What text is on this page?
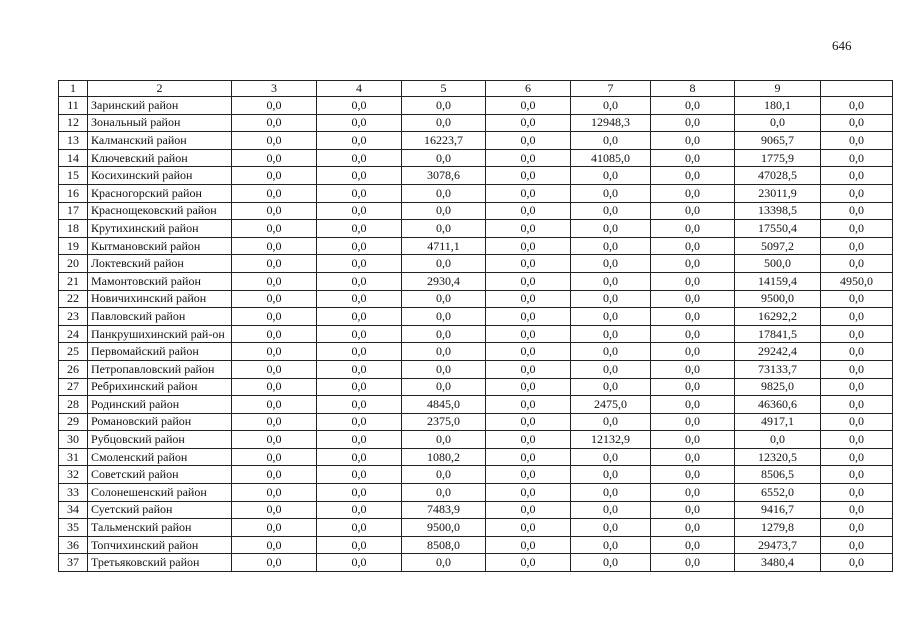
646
1	2	3	4	5	6	7	8	9	
11	Заринский район	0,0	0,0	0,0	0,0	0,0	0,0	180,1	0,0
12	Зональный район	0,0	0,0	0,0	0,0	12948,3	0,0	0,0	0,0
13	Калманский район	0,0	0,0	16223,7	0,0	0,0	0,0	9065,7	0,0
14	Ключевский район	0,0	0,0	0,0	0,0	41085,0	0,0	1775,9	0,0
15	Косихинский район	0,0	0,0	3078,6	0,0	0,0	0,0	47028,5	0,0
16	Красногорский район	0,0	0,0	0,0	0,0	0,0	0,0	23011,9	0,0
17	Краснощековский район	0,0	0,0	0,0	0,0	0,0	0,0	13398,5	0,0
18	Крутихинский район	0,0	0,0	0,0	0,0	0,0	0,0	17550,4	0,0
19	Кытмановский район	0,0	0,0	4711,1	0,0	0,0	0,0	5097,2	0,0
20	Локтевский район	0,0	0,0	0,0	0,0	0,0	0,0	500,0	0,0
21	Мамонтовский район	0,0	0,0	2930,4	0,0	0,0	0,0	14159,4	4950,0
22	Новичихинский район	0,0	0,0	0,0	0,0	0,0	0,0	9500,0	0,0
23	Павловский район	0,0	0,0	0,0	0,0	0,0	0,0	16292,2	0,0
24	Панкрушихинский рай-он	0,0	0,0	0,0	0,0	0,0	0,0	17841,5	0,0
25	Первомайский район	0,0	0,0	0,0	0,0	0,0	0,0	29242,4	0,0
26	Петропавловский район	0,0	0,0	0,0	0,0	0,0	0,0	73133,7	0,0
27	Ребрихинский район	0,0	0,0	0,0	0,0	0,0	0,0	9825,0	0,0
28	Родинский район	0,0	0,0	4845,0	0,0	2475,0	0,0	46360,6	0,0
29	Романовский район	0,0	0,0	2375,0	0,0	0,0	0,0	4917,1	0,0
30	Рубцовский район	0,0	0,0	0,0	0,0	12132,9	0,0	0,0	0,0
31	Смоленский район	0,0	0,0	1080,2	0,0	0,0	0,0	12320,5	0,0
32	Советский район	0,0	0,0	0,0	0,0	0,0	0,0	8506,5	0,0
33	Солонешенский район	0,0	0,0	0,0	0,0	0,0	0,0	6552,0	0,0
34	Суетский район	0,0	0,0	7483,9	0,0	0,0	0,0	9416,7	0,0
35	Тальменский район	0,0	0,0	9500,0	0,0	0,0	0,0	1279,8	0,0
36	Топчихинский район	0,0	0,0	8508,0	0,0	0,0	0,0	29473,7	0,0
37	Третьяковский район	0,0	0,0	0,0	0,0	0,0	0,0	3480,4	0,0
